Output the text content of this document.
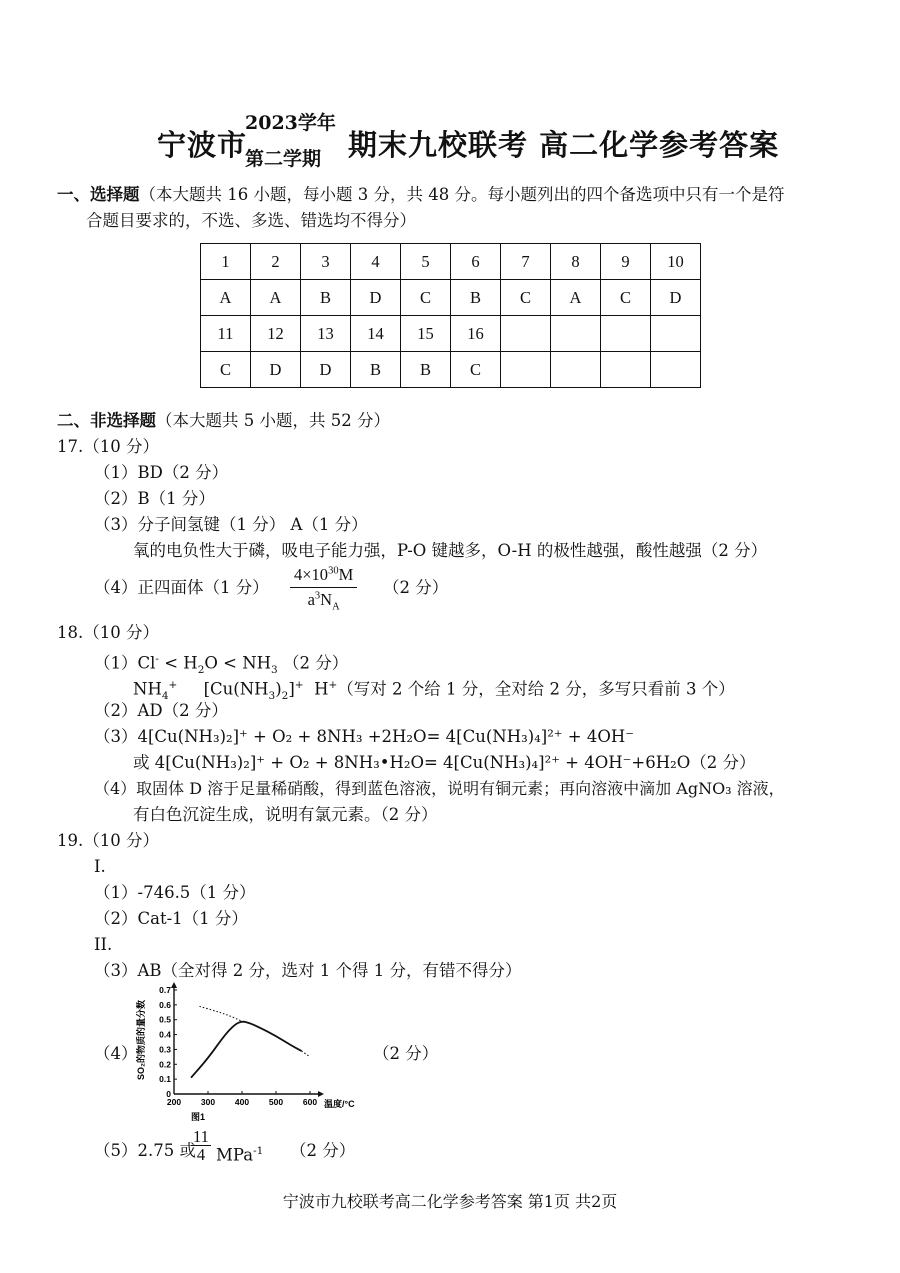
宁波市
2023学年
第二学期 期末九校联考 高二化学参考答案
一、选择题（本大题共 16 小题，每小题 3 分，共 48 分。每小题列出的四个备选项中只有一个是符
合题目要求的，不选、多选、错选均不得分）
1	2	3	4	5	6	7	8	9	10
A	A	B	D	C	B	C	A	C	D
11	12	13	14	15	16				
C	D	D	B	B	C				
二、非选择题（本大题共 5 小题，共 52 分）
17.（10 分）
（1）BD（2 分）
（2）B（1 分）
（3）分子间氢键（1 分） A（1 分）
氧的电负性大于磷，吸电子能力强，P-O 键越多，O-H 的极性越强，酸性越强（2 分）
（4）正四面体（1 分） $\frac{4\times 10^{30}M}{a^3N_A} (2$ 分）
18.（10 分）
$(1)Cl^- < H_2O < NH_3$ （2 分）
$NH_4^+$ $[Cu(NH_3)_2]^+$ H+（写对 2 个给 1 分，全对给 2 分，多写只看前 3 个）
（2）AD（2 分）
（3）4[Cu(NH₃)₂]⁺ + O₂ + 8NH₃ +2H₂O= 4[Cu(NH₃)₄]²⁺ + 4OH⁻
或 4[Cu(NH₃)₂]⁺ + O₂ + 8NH₃•H₂O= 4[Cu(NH₃)₄]²⁺ + 4OH⁻+6H₂O（2 分）
（4）取固体 D 溶于足量稀硝酸，得到蓝色溶液，说明有铜元素；再向溶液中滴加 AgNO₃ 溶液，
有白色沉淀生成，说明有氯元素。（2 分）
19.（10 分）
I.
（1）-746.5（1 分）
（2）Cat-1（1 分）
II.
（3）AB（全对得 2 分，选对 1 个得 1 分，有错不得分）
（4）	（2 分）
0
0.1
0.2
0.3
0.4
0.5
0.6
0.7
200 300 400 500 600 温度/°C
SO₂的物质的量分数
图1
（5）2.75 或
$\frac{11}{4} MPa^{-1}$ （2 分）
宁波市九校联考高二化学参考答案 第1页 共2页
